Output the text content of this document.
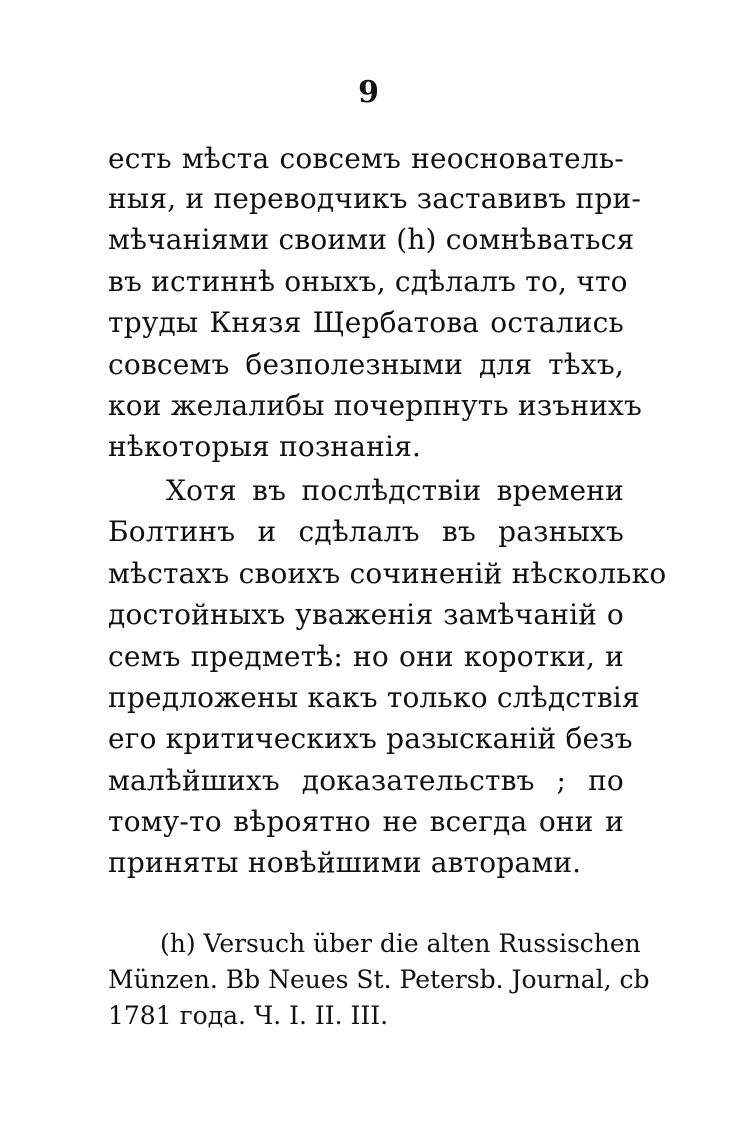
9
есть мѣста совсемъ неоснователь-
ныя, и переводчикъ заставивъ при-
мѣчаніями своими (h) сомнѣваться
въ истиннѣ оныхъ, сдѣлалъ то, что
труды Князя Щербатова остались
совсемъ безполезными для тѣхъ,
кои желалибы почерпнуть изънихъ
нѣкоторыя познанія.
Хотя въ послѣдствіи времени
Болтинъ и сдѣлалъ въ разныхъ
мѣстахъ своихъ сочиненій нѣсколько
достойныхъ уваженія замѣчаній о
семъ предметѣ: но они коротки, и
предложены какъ только слѣдствія
его критическихъ разысканій безъ
малѣйшихъ доказательствъ ; по
тому-то вѣроятно не всегда они и
приняты новѣйшими авторами.
(h) Versuch über die alten Russischen
Münzen. Bb Neues St. Petersb. Journal, cb
1781 года. Ч. I. II. III.
